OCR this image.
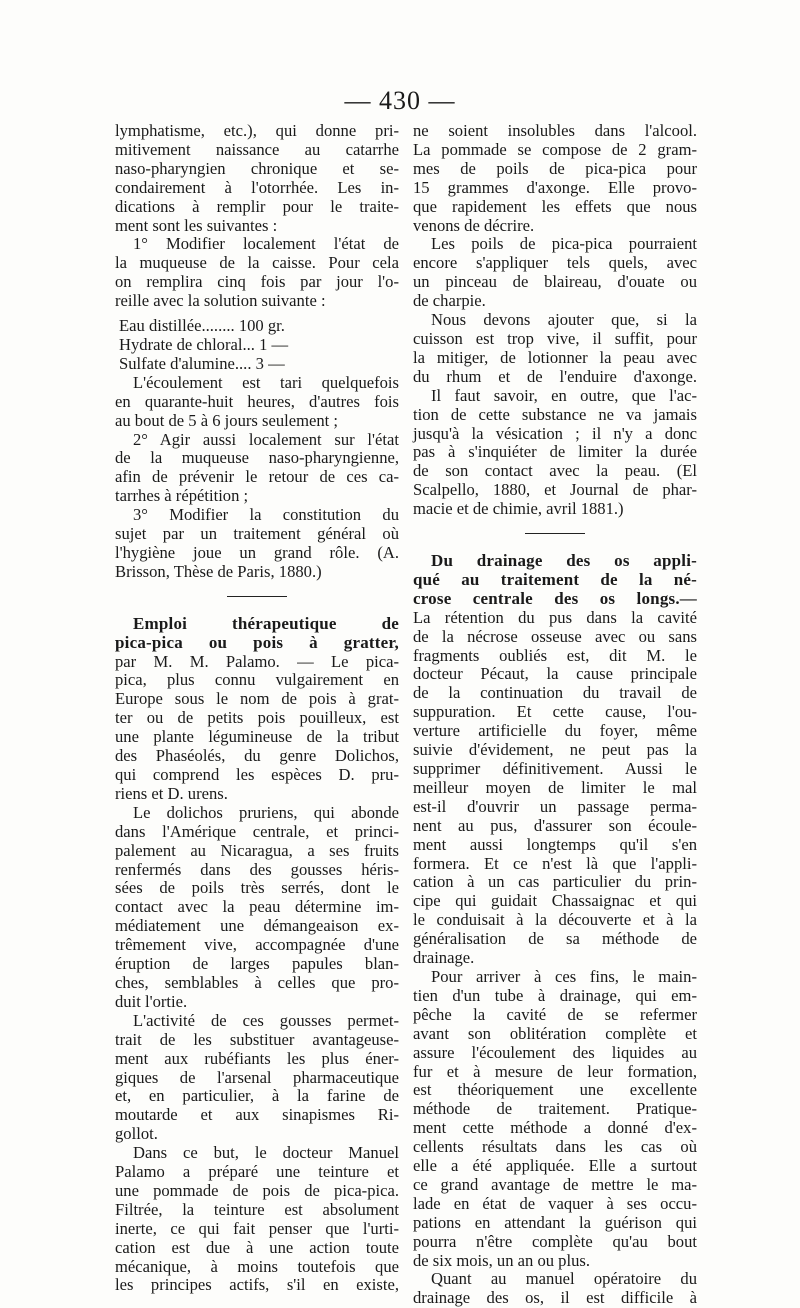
— 430 —
lymphatisme, etc.), qui donne pri-
mitivement naissance au catarrhe
naso-pharyngien chronique et se-
condairement à l'otorrhée. Les in-
dications à remplir pour le traite-
ment sont les suivantes :
1° Modifier localement l'état de
la muqueuse de la caisse. Pour cela
on remplira cinq fois par jour l'o-
reille avec la solution suivante :
Eau distillée........ 100 gr.
Hydrate de chloral... 1 —
Sulfate d'alumine.... 3 —
L'écoulement est tari quelquefois
en quarante-huit heures, d'autres fois
au bout de 5 à 6 jours seulement ;
2° Agir aussi localement sur l'état
de la muqueuse naso-pharyngienne,
afin de prévenir le retour de ces ca-
tarrhes à répétition ;
3° Modifier la constitution du
sujet par un traitement général où
l'hygiène joue un grand rôle. (A.
Brisson, Thèse de Paris, 1880.)
Emploi thérapeutique de
pica-pica ou pois à gratter,
par M. M. Palamo. — Le pica-
pica, plus connu vulgairement en
Europe sous le nom de pois à grat-
ter ou de petits pois pouilleux, est
une plante légumineuse de la tribut
des Phaséolés, du genre Dolichos,
qui comprend les espèces D. pru-
riens et D. urens.
Le dolichos pruriens, qui abonde
dans l'Amérique centrale, et princi-
palement au Nicaragua, a ses fruits
renfermés dans des gousses héris-
sées de poils très serrés, dont le
contact avec la peau détermine im-
médiatement une démangeaison ex-
trêmement vive, accompagnée d'une
éruption de larges papules blan-
ches, semblables à celles que pro-
duit l'ortie.
L'activité de ces gousses permet-
trait de les substituer avantageuse-
ment aux rubéfiants les plus éner-
giques de l'arsenal pharmaceutique
et, en particulier, à la farine de
moutarde et aux sinapismes Ri-
gollot.
Dans ce but, le docteur Manuel
Palamo a préparé une teinture et
une pommade de pois de pica-pica.
Filtrée, la teinture est absolument
inerte, ce qui fait penser que l'urti-
cation est due à une action toute
mécanique, à moins toutefois que
les principes actifs, s'il en existe,
ne soient insolubles dans l'alcool.
La pommade se compose de 2 gram-
mes de poils de pica-pica pour
15 grammes d'axonge. Elle provo-
que rapidement les effets que nous
venons de décrire.
Les poils de pica-pica pourraient
encore s'appliquer tels quels, avec
un pinceau de blaireau, d'ouate ou
de charpie.
Nous devons ajouter que, si la
cuisson est trop vive, il suffit, pour
la mitiger, de lotionner la peau avec
du rhum et de l'enduire d'axonge.
Il faut savoir, en outre, que l'ac-
tion de cette substance ne va jamais
jusqu'à la vésication ; il n'y a donc
pas à s'inquiéter de limiter la durée
de son contact avec la peau. (El
Scalpello, 1880, et Journal de phar-
macie et de chimie, avril 1881.)
Du drainage des os appli-
qué au traitement de la né-
crose centrale des os longs.—
La rétention du pus dans la cavité
de la nécrose osseuse avec ou sans
fragments oubliés est, dit M. le
docteur Pécaut, la cause principale
de la continuation du travail de
suppuration. Et cette cause, l'ou-
verture artificielle du foyer, même
suivie d'évidement, ne peut pas la
supprimer définitivement. Aussi le
meilleur moyen de limiter le mal
est-il d'ouvrir un passage perma-
nent au pus, d'assurer son écoule-
ment aussi longtemps qu'il s'en
formera. Et ce n'est là que l'appli-
cation à un cas particulier du prin-
cipe qui guidait Chassaignac et qui
le conduisait à la découverte et à la
généralisation de sa méthode de
drainage.
Pour arriver à ces fins, le main-
tien d'un tube à drainage, qui em-
pêche la cavité de se refermer
avant son oblitération complète et
assure l'écoulement des liquides au
fur et à mesure de leur formation,
est théoriquement une excellente
méthode de traitement. Pratique-
ment cette méthode a donné d'ex-
cellents résultats dans les cas où
elle a été appliquée. Elle a surtout
ce grand avantage de mettre le ma-
lade en état de vaquer à ses occu-
pations en attendant la guérison qui
pourra n'être complète qu'au bout
de six mois, un an ou plus.
Quant au manuel opératoire du
drainage des os, il est difficile à
